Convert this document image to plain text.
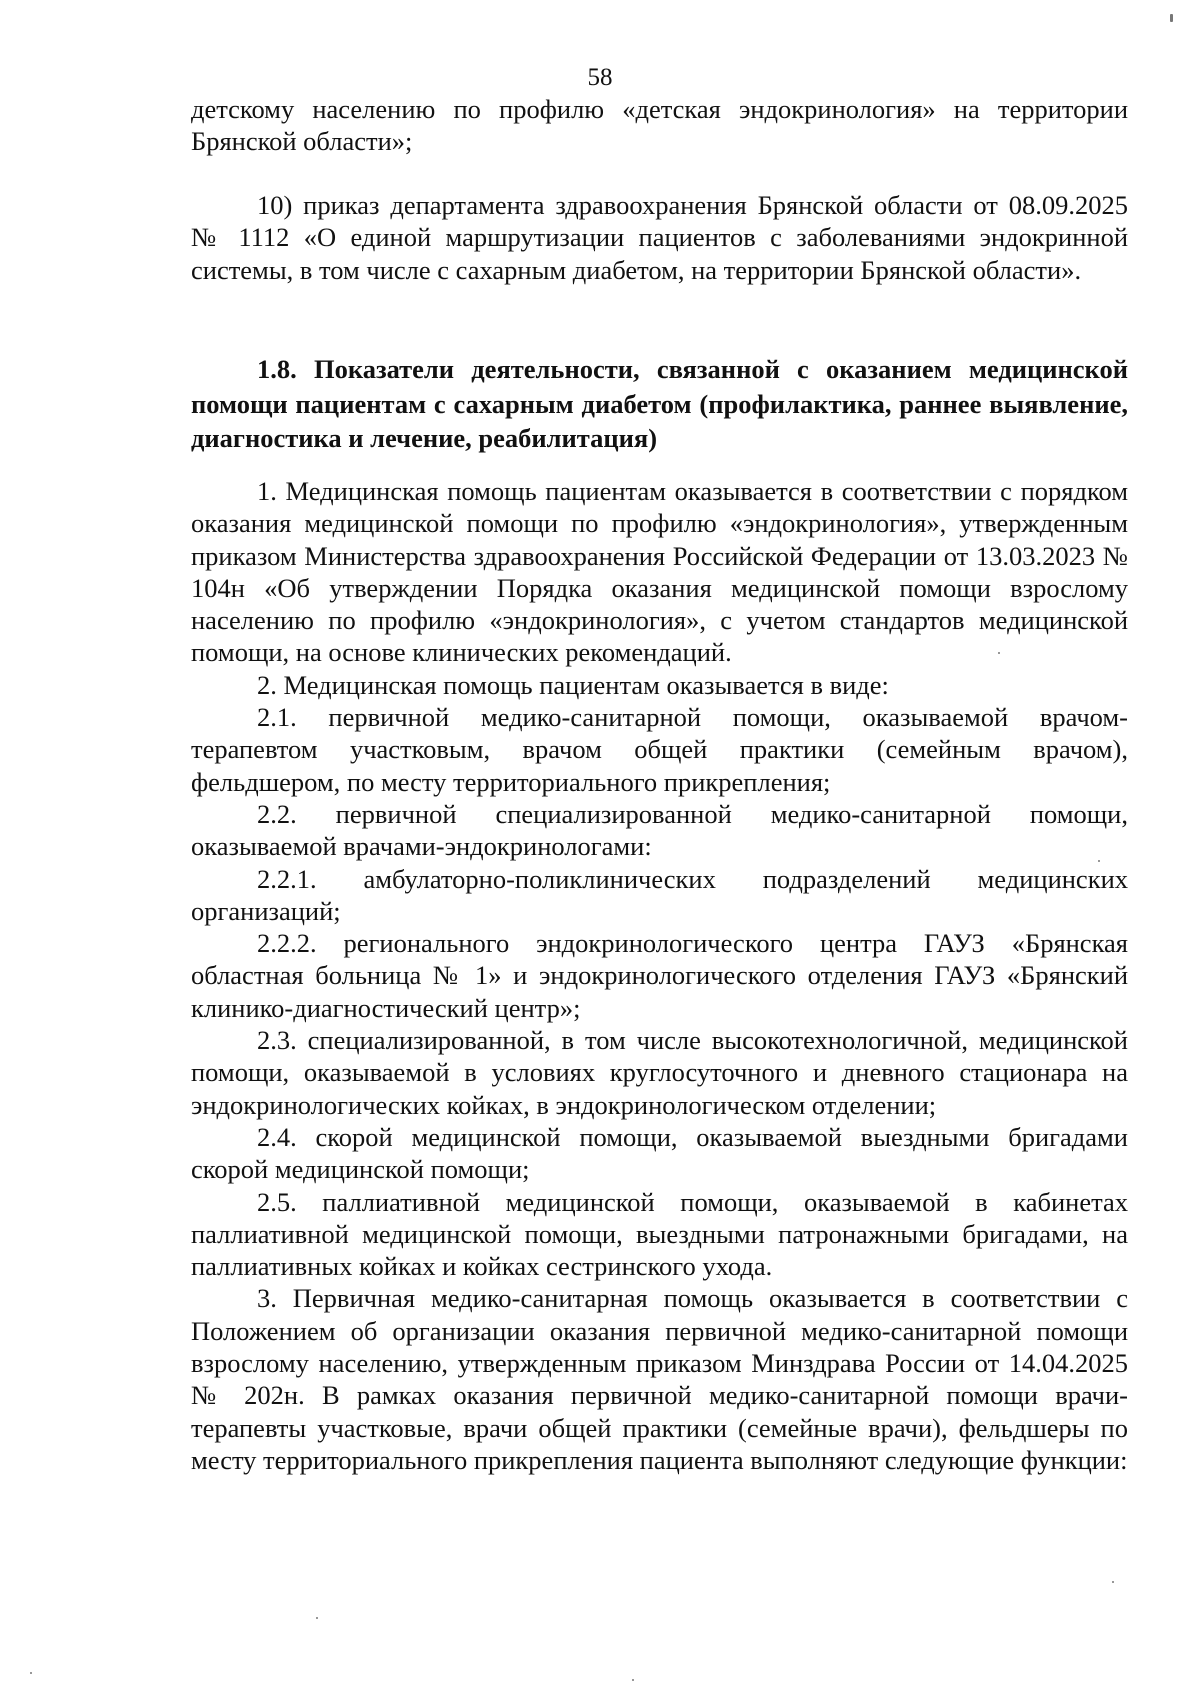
58

детскому населению по профилю «детская эндокринология» на территории Брянской области»;

10) приказ департамента здравоохранения Брянской области от 08.09.2025 № 1112 «О единой маршрутизации пациентов с заболеваниями эндокринной системы, в том числе с сахарным диабетом, на территории Брянской области».

1.8. Показатели деятельности, связанной с оказанием медицинской помощи пациентам с сахарным диабетом (профилактика, раннее выявление, диагностика и лечение, реабилитация)

1. Медицинская помощь пациентам оказывается в соответствии с порядком оказания медицинской помощи по профилю «эндокринология», утвержденным приказом Министерства здравоохранения Российской Федерации от 13.03.2023 № 104н «Об утверждении Порядка оказания медицинской помощи взрослому населению по профилю «эндокринология», с учетом стандартов медицинской помощи, на основе клинических рекомендаций.

2. Медицинская помощь пациентам оказывается в виде:

2.1. первичной медико-санитарной помощи, оказываемой врачом-терапевтом участковым, врачом общей практики (семейным врачом), фельдшером, по месту территориального прикрепления;

2.2. первичной специализированной медико-санитарной помощи, оказываемой врачами-эндокринологами:

2.2.1. амбулаторно-поликлинических подразделений медицинских организаций;

2.2.2. регионального эндокринологического центра ГАУЗ «Брянская областная больница № 1» и эндокринологического отделения ГАУЗ «Брянский клинико-диагностический центр»;

2.3. специализированной, в том числе высокотехнологичной, медицинской помощи, оказываемой в условиях круглосуточного и дневного стационара на эндокринологических койках, в эндокринологическом отделении;

2.4. скорой медицинской помощи, оказываемой выездными бригадами скорой медицинской помощи;

2.5. паллиативной медицинской помощи, оказываемой в кабинетах паллиативной медицинской помощи, выездными патронажными бригадами, на паллиативных койках и койках сестринского ухода.

3. Первичная медико-санитарная помощь оказывается в соответствии с Положением об организации оказания первичной медико-санитарной помощи взрослому населению, утвержденным приказом Минздрава России от 14.04.2025 № 202н. В рамках оказания первичной медико-санитарной помощи врачи-терапевты участковые, врачи общей практики (семейные врачи), фельдшеры по месту территориального прикрепления пациента выполняют следующие функции:
